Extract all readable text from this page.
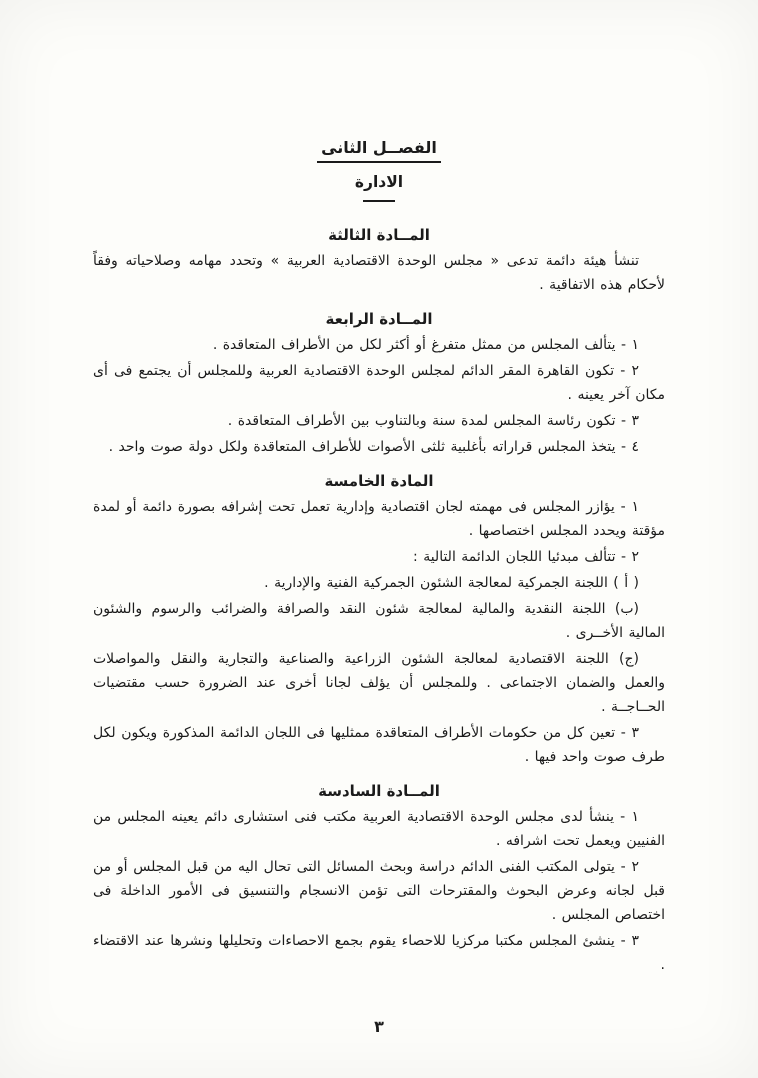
الفصــل الثانى
الادارة
المــادة الثالثة

تنشأ هيئة دائمة تدعى « مجلس الوحدة الاقتصادية العربية » وتحدد مهامه وصلاحياته وفقاً لأحكام هذه الاتفاقية .

المــادة الرابعة

١ - يتألف المجلس من ممثل متفرغ أو أكثر لكل من الأطراف المتعاقدة .

٢ - تكون القاهرة المقر الدائم لمجلس الوحدة الاقتصادية العربية وللمجلس أن يجتمع فى أى مكان آخر يعينه .

٣ - تكون رئاسة المجلس لمدة سنة وبالتناوب بين الأطراف المتعاقدة .

٤ - يتخذ المجلس قراراته بأغلبية ثلثى الأصوات للأطراف المتعاقدة ولكل دولة صوت واحد .

المادة الخامسة

١ - يؤازر المجلس فى مهمته لجان اقتصادية وإدارية تعمل تحت إشرافه بصورة دائمة أو لمدة مؤقتة ويحدد المجلس اختصاصها .

٢ - تتألف مبدئيا اللجان الدائمة التالية :

( أ ) اللجنة الجمركية لمعالجة الشئون الجمركية الفنية والإدارية .

(ب) اللجنة النقدية والمالية لمعالجة شئون النقد والصرافة والضرائب والرسوم والشئون المالية الأخــرى .

(ج) اللجنة الاقتصادية لمعالجة الشئون الزراعية والصناعية والتجارية والنقل والمواصلات والعمل والضمان الاجتماعى . وللمجلس أن يؤلف لجانا أخرى عند الضرورة حسب مقتضيات الحــاجــة .

٣ - تعين كل من حكومات الأطراف المتعاقدة ممثليها فى اللجان الدائمة المذكورة ويكون لكل طرف صوت واحد فيها .

المــادة السادسة

١ - ينشأ لدى مجلس الوحدة الاقتصادية العربية مكتب فنى استشارى دائم يعينه المجلس من الفنيين ويعمل تحت اشرافه .

٢ - يتولى المكتب الفنى الدائم دراسة وبحث المسائل التى تحال اليه من قبل المجلس أو من قبل لجانه وعرض البحوث والمقترحات التى تؤمن الانسجام والتنسيق فى الأمور الداخلة فى اختصاص المجلس .

٣ - ينشئ المجلس مكتبا مركزيا للاحصاء يقوم بجمع الاحصاءات وتحليلها ونشرها عند الاقتضاء .

٣
